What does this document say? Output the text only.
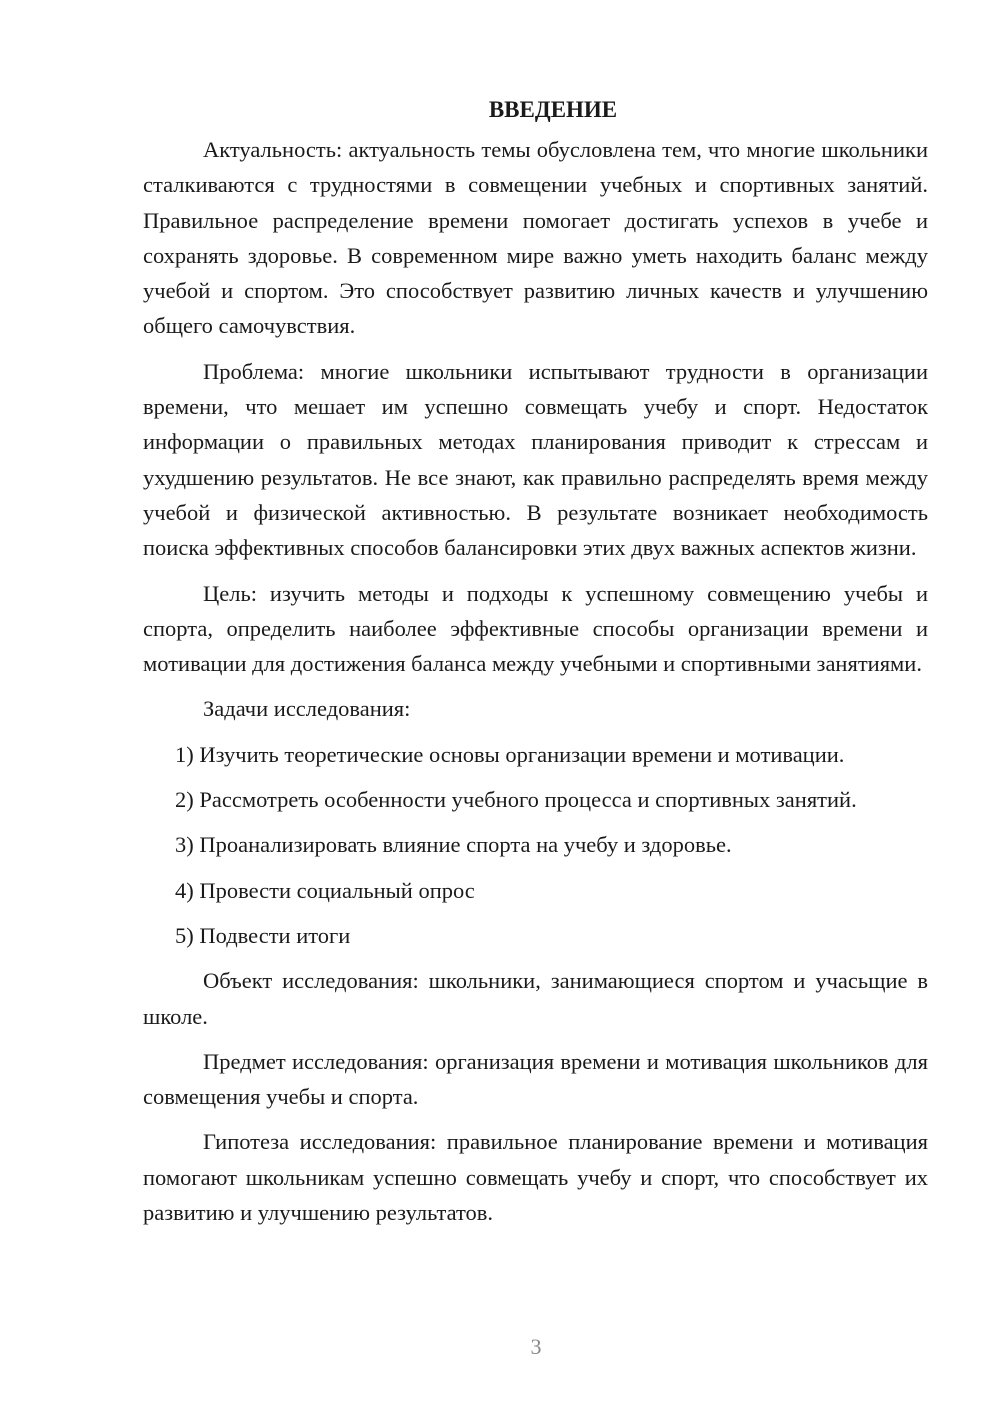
ВВЕДЕНИЕ

Актуальность: актуальность темы обусловлена тем, что многие школьники сталкиваются с трудностями в совмещении учебных и спортивных занятий. Правильное распределение времени помогает достигать успехов в учебе и сохранять здоровье. В современном мире важно уметь находить баланс между учебой и спортом. Это способствует развитию личных качеств и улучшению общего самочувствия.

Проблема: многие школьники испытывают трудности в организации времени, что мешает им успешно совмещать учебу и спорт. Недостаток информации о правильных методах планирования приводит к стрессам и ухудшению результатов. Не все знают, как правильно распределять время между учебой и физической активностью. В результате возникает необходимость поиска эффективных способов балансировки этих двух важных аспектов жизни.

Цель: изучить методы и подходы к успешному совмещению учебы и спорта, определить наиболее эффективные способы организации времени и мотивации для достижения баланса между учебными и спортивными занятиями.

Задачи исследования:

1) Изучить теоретические основы организации времени и мотивации.
2) Рассмотреть особенности учебного процесса и спортивных занятий.
3) Проанализировать влияние спорта на учебу и здоровье.
4) Провести социальный опрос
5) Подвести итоги

Объект исследования: школьники, занимающиеся спортом и учасьщие в школе.

Предмет исследования: организация времени и мотивация школьников для совмещения учебы и спорта.

Гипотеза исследования: правильное планирование времени и мотивация помогают школьникам успешно совмещать учебу и спорт, что способствует их развитию и улучшению результатов.

3
